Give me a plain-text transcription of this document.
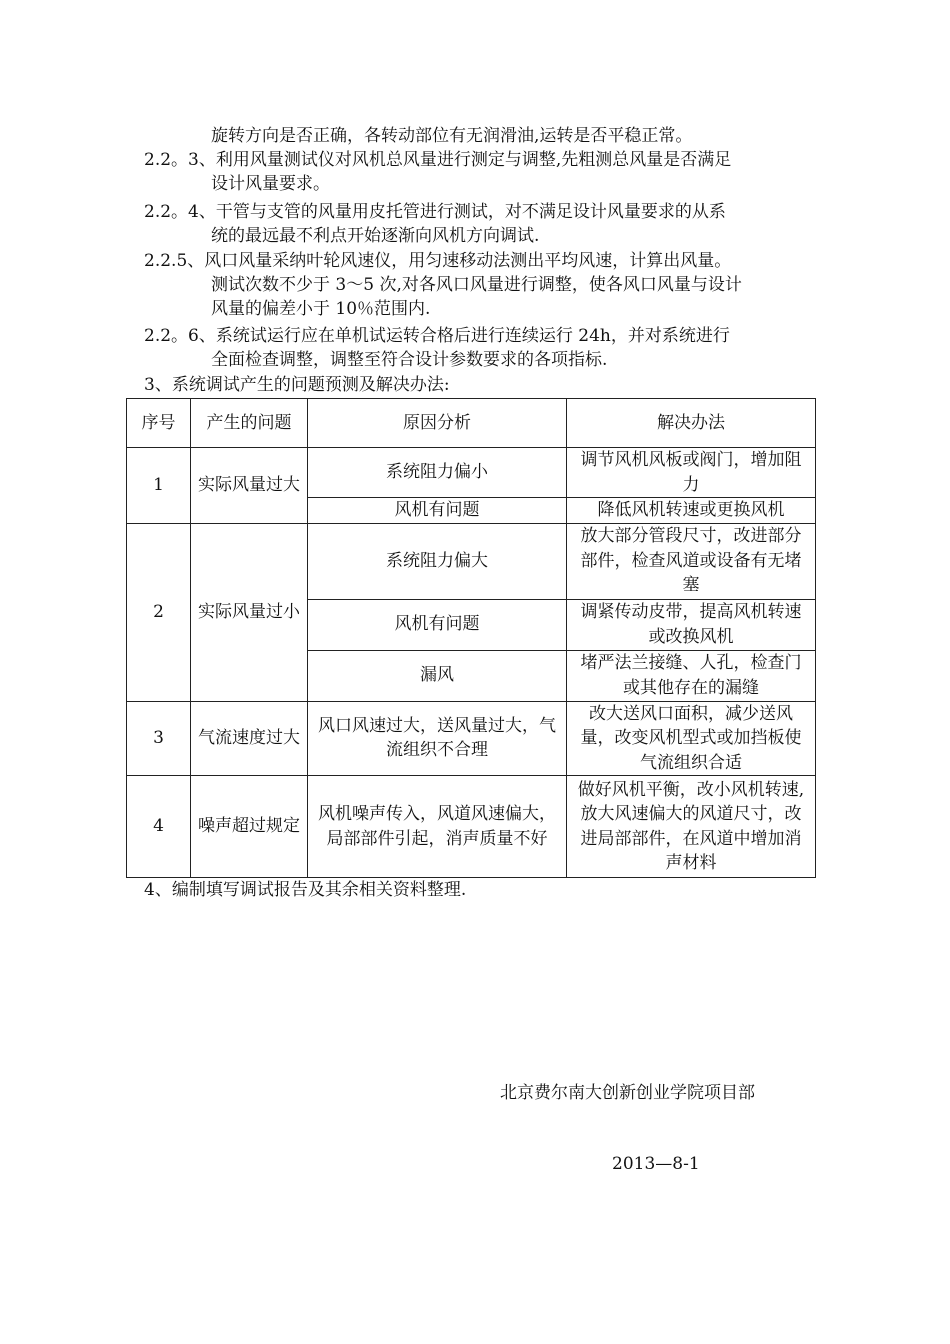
旋转方向是否正确，各转动部位有无润滑油,运转是否平稳正常。
2.2。3、利用风量测试仪对风机总风量进行测定与调整,先粗测总风量是否满足
设计风量要求。
2.2。4、干管与支管的风量用皮托管进行测试，对不满足设计风量要求的从系
统的最远最不利点开始逐渐向风机方向调试.
2.2.5、风口风量采纳叶轮风速仪，用匀速移动法测出平均风速，计算出风量。
测试次数不少于 3～5 次,对各风口风量进行调整，使各风口风量与设计
风量的偏差小于 10％范围内.
2.2。6、系统试运行应在单机试运转合格后进行连续运行 24h，并对系统进行
全面检查调整，调整至符合设计参数要求的各项指标.
3、系统调试产生的问题预测及解决办法:
序号	产生的问题	原因分析	解决办法
1	实际风量过大	系统阻力偏小	调节风机风板或阀门，增加阻力
		风机有问题	降低风机转速或更换风机
2	实际风量过小	系统阻力偏大	放大部分管段尺寸，改进部分部件，检查风道或设备有无堵塞
		风机有问题	调紧传动皮带，提高风机转速或改换风机
		漏风	堵严法兰接缝、人孔，检查门或其他存在的漏缝
3	气流速度过大	风口风速过大，送风量过大，气流组织不合理	改大送风口面积，减少送风量，改变风机型式或加挡板使气流组织合适
4	噪声超过规定	风机噪声传入，风道风速偏大，局部部件引起，消声质量不好	做好风机平衡，改小风机转速,放大风速偏大的风道尺寸，改进局部部件，在风道中增加消声材料
4、编制填写调试报告及其余相关资料整理.
北京费尔南大创新创业学院项目部
2013—8-1
